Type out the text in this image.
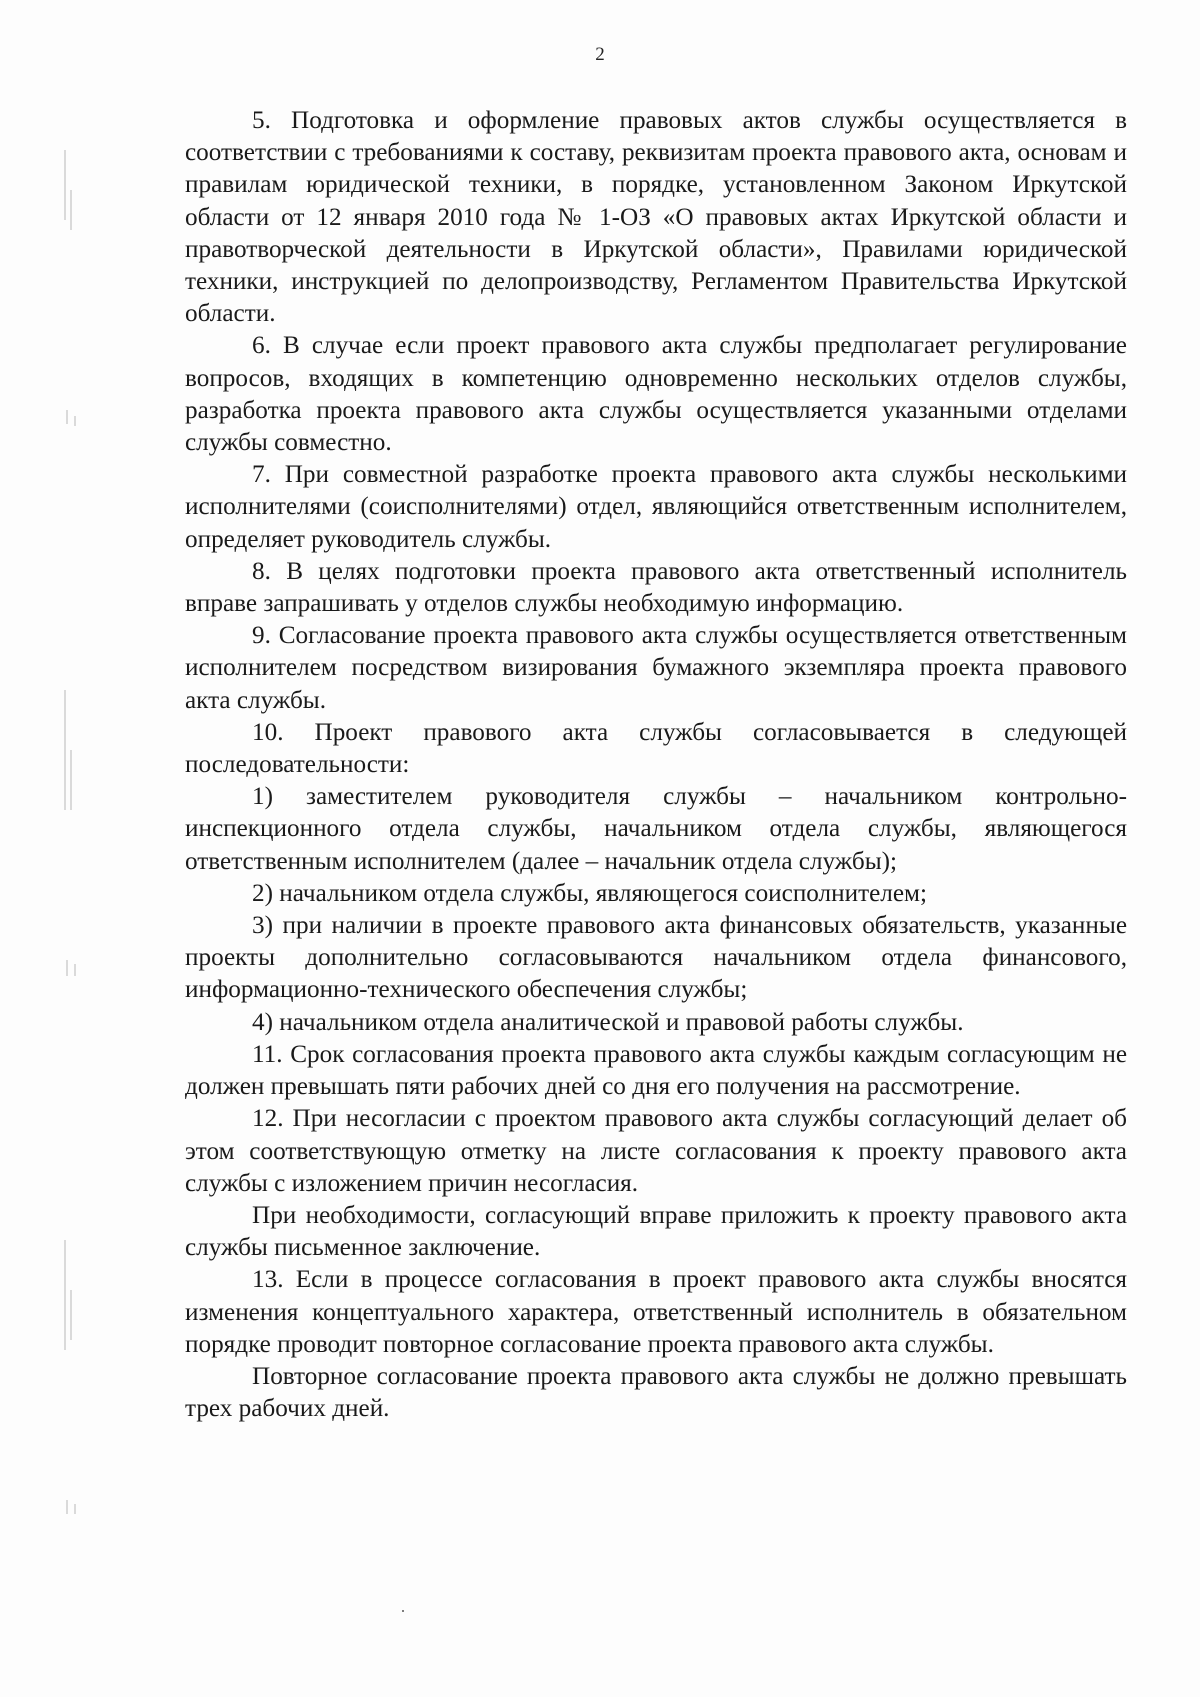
2

5. Подготовка и оформление правовых актов службы осуществляется в соответствии с требованиями к составу, реквизитам проекта правового акта, основам и правилам юридической техники, в порядке, установленном Законом Иркутской области от 12 января 2010 года № 1-ОЗ «О правовых актах Иркутской области и правотворческой деятельности в Иркутской области», Правилами юридической техники, инструкцией по делопроизводству, Регламентом Правительства Иркутской области.

6. В случае если проект правового акта службы предполагает регулирование вопросов, входящих в компетенцию одновременно нескольких отделов службы, разработка проекта правового акта службы осуществляется указанными отделами службы совместно.

7. При совместной разработке проекта правового акта службы несколькими исполнителями (соисполнителями) отдел, являющийся ответственным исполнителем, определяет руководитель службы.

8. В целях подготовки проекта правового акта ответственный исполнитель вправе запрашивать у отделов службы необходимую информацию.

9. Согласование проекта правового акта службы осуществляется ответственным исполнителем посредством визирования бумажного экземпляра проекта правового акта службы.

10. Проект правового акта службы согласовывается в следующей последовательности:

1) заместителем руководителя службы – начальником контрольно-инспекционного отдела службы, начальником отдела службы, являющегося ответственным исполнителем (далее – начальник отдела службы);

2) начальником отдела службы, являющегося соисполнителем;

3) при наличии в проекте правового акта финансовых обязательств, указанные проекты дополнительно согласовываются начальником отдела финансового, информационно-технического обеспечения службы;

4) начальником отдела аналитической и правовой работы службы.

11. Срок согласования проекта правового акта службы каждым согласующим не должен превышать пяти рабочих дней со дня его получения на рассмотрение.

12. При несогласии с проектом правового акта службы согласующий делает об этом соответствующую отметку на листе согласования к проекту правового акта службы с изложением причин несогласия.

При необходимости, согласующий вправе приложить к проекту правового акта службы письменное заключение.

13. Если в процессе согласования в проект правового акта службы вносятся изменения концептуального характера, ответственный исполнитель в обязательном порядке проводит повторное согласование проекта правового акта службы.

Повторное согласование проекта правового акта службы не должно превышать трех рабочих дней.
